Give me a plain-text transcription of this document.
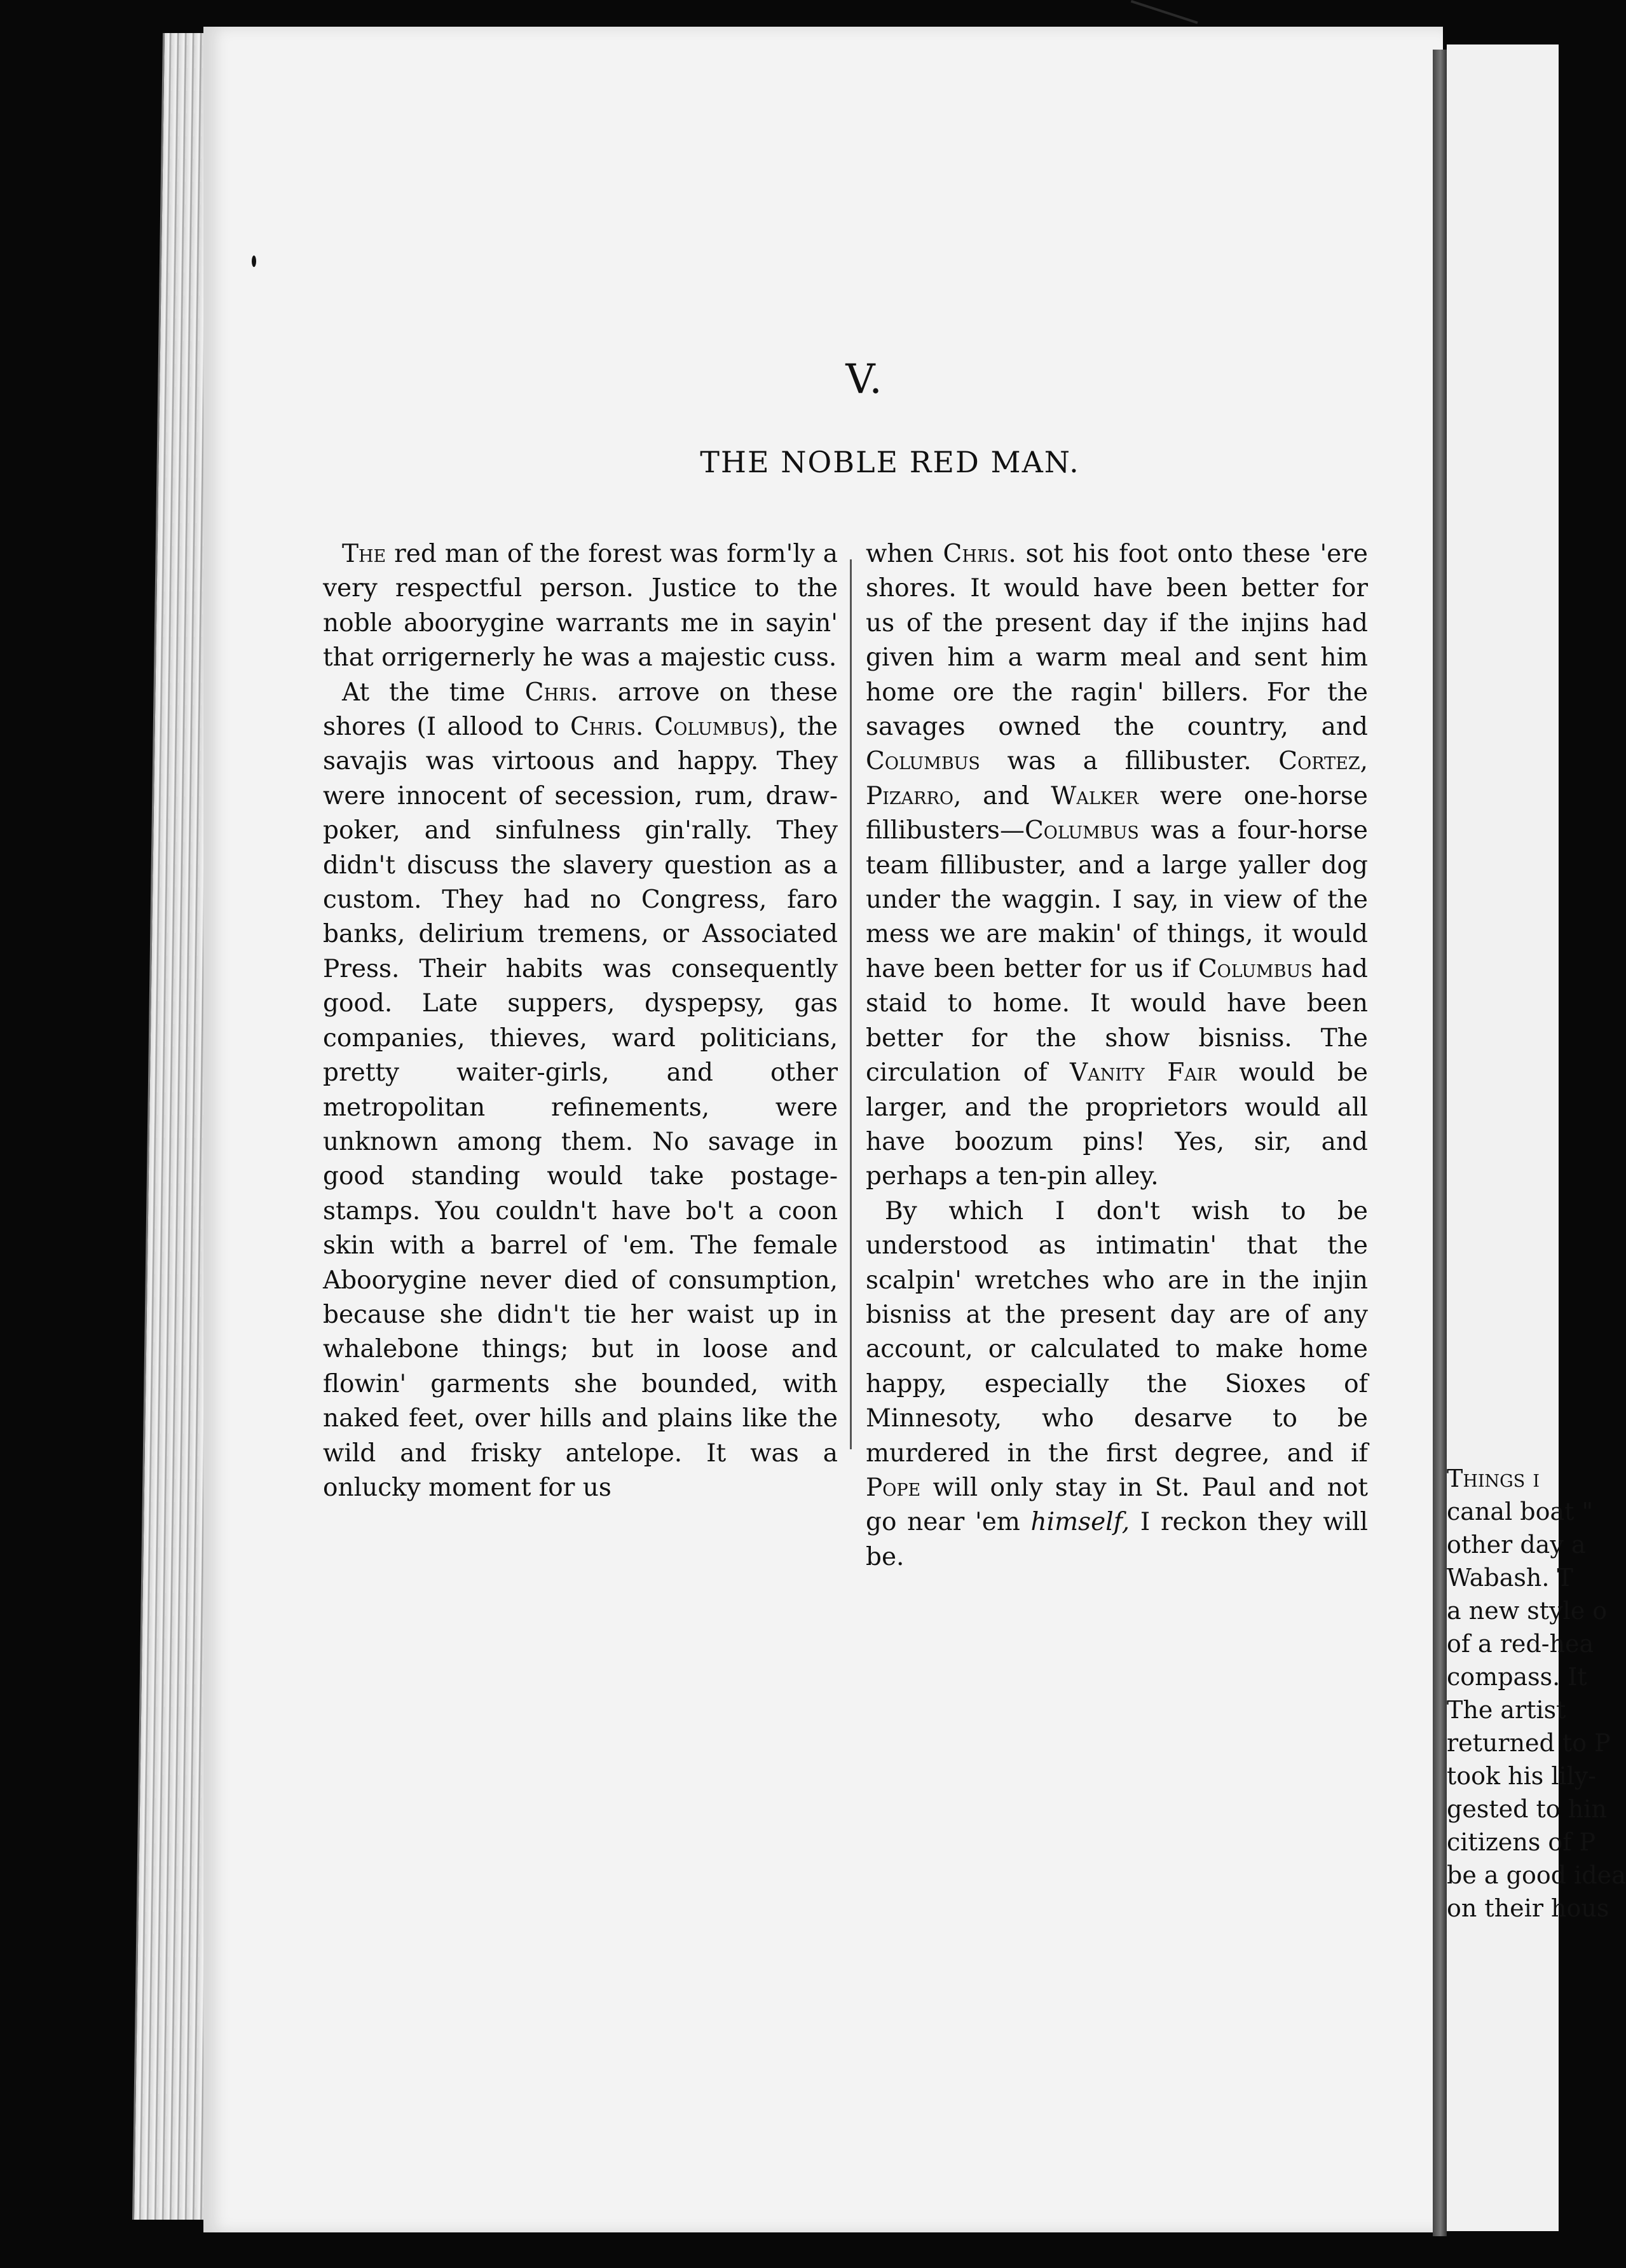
V.
THE NOBLE RED MAN.

The red man of the forest was form'ly a very respectful person. Justice to the noble aboorygine warrants me in sayin' that orrigernerly he was a majestic cuss.

At the time Chris. arrove on these shores (I allood to Chris. Columbus), the savajis was virtoous and happy. They were innocent of secession, rum, draw-poker, and sinfulness gin'rally. They didn't discuss the slavery question as a custom. They had no Congress, faro banks, delirium tremens, or Associated Press. Their habits was consequently good. Late suppers, dyspepsy, gas companies, thieves, ward politicians, pretty waiter-girls, and other metropolitan refinements, were unknown among them. No savage in good standing would take postage-stamps. You couldn't have bo't a coon skin with a barrel of 'em. The female Aboorygine never died of consumption, because she didn't tie her waist up in whalebone things; but in loose and flowin' garments she bounded, with naked feet, over hills and plains like the wild and frisky antelope. It was a onlucky moment for us

when Chris. sot his foot onto these 'ere shores. It would have been better for us of the present day if the injins had given him a warm meal and sent him home ore the ragin' billers. For the savages owned the country, and Columbus was a fillibuster. Cortez, Pizarro, and Walker were one-horse fillibusters—Columbus was a four-horse team fillibuster, and a large yaller dog under the waggin. I say, in view of the mess we are makin' of things, it would have been better for us if Columbus had staid to home. It would have been better for the show bisniss. The circulation of Vanity Fair would be larger, and the proprietors would all have boozum pins! Yes, sir, and perhaps a ten-pin alley.

By which I don't wish to be understood as intimatin' that the scalpin' wretches who are in the injin bisniss at the present day are of any account, or calculated to make home happy, especially the Sioxes of Minnesoty, who desarve to be murdered in the first degree, and if Pope will only stay in St. Paul and not go near 'em himself, I reckon they will be.

Things i

canal boat "

other day a

Wabash. T

a new style o

of a red-hea

compass. It

The artist

returned to P

took his lily-

gested to hin

citizens of P

be a good idea

on their hous
